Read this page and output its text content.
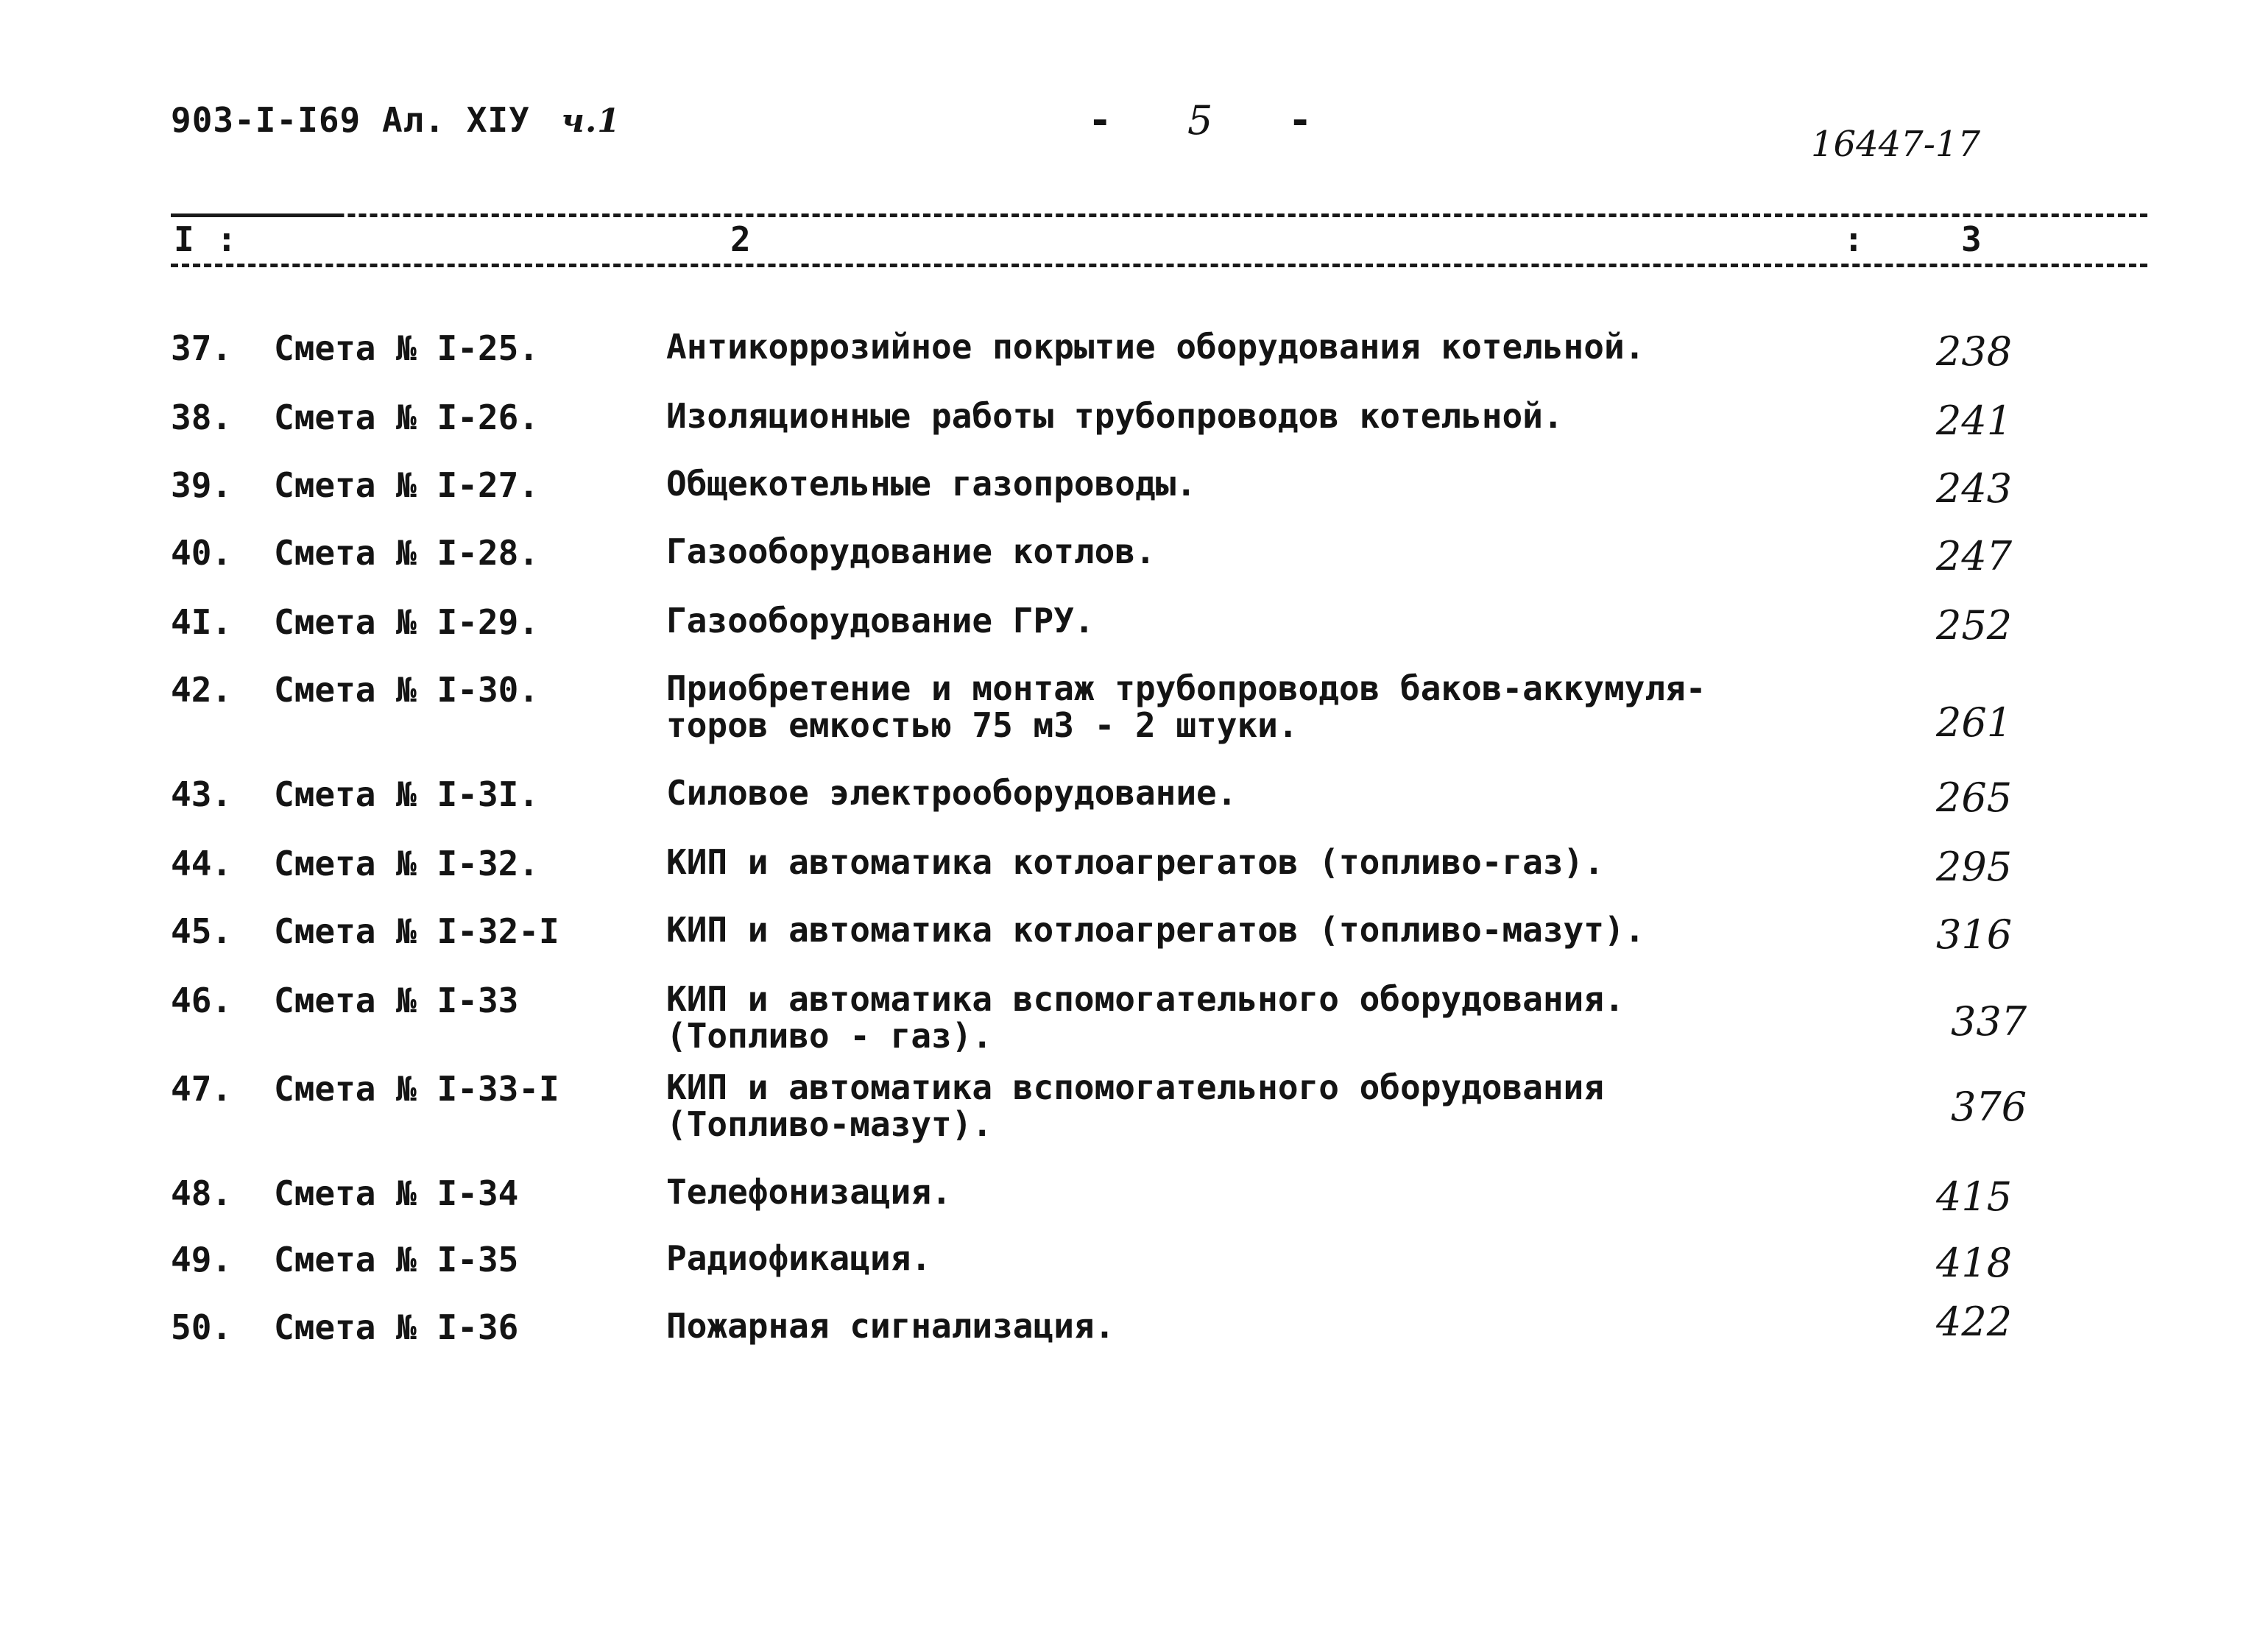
903-I-I69 Ал. XIУ ч.1	- 5 -
16447-17
I :	2	:	3
37. Смета № I-25.	Антикоррозийное покрытие оборудования котельной.	238
38. Смета № I-26.	Изоляционные работы трубопроводов котельной.	241
39. Смета № I-27.	Общекотельные газопроводы.	243
40. Смета № I-28.	Газооборудование котлов.	247
4I. Смета № I-29.	Газооборудование ГРУ.	252
42. Смета № I-30.	Приобретение и монтаж трубопроводов баков-аккумуля-
торов емкостью 75 м3 - 2 штуки.	261
43. Смета № I-3I.	Силовое электрооборудование.	265
44. Смета № I-32.	КИП и автоматика котлоагрегатов (топливо-газ).	295
45. Смета № I-32-I	КИП и автоматика котлоагрегатов (топливо-мазут).	316
46. Смета № I-33	КИП и автоматика вспомогательного оборудования.
(Топливо - газ).	337
47. Смета № I-33-I	КИП и автоматика вспомогательного оборудования
(Топливо-мазут).	376
48. Смета № I-34	Телефонизация.	415
49. Смета № I-35	Радиофикация.	418
50. Смета № I-36	Пожарная сигнализация.	422
